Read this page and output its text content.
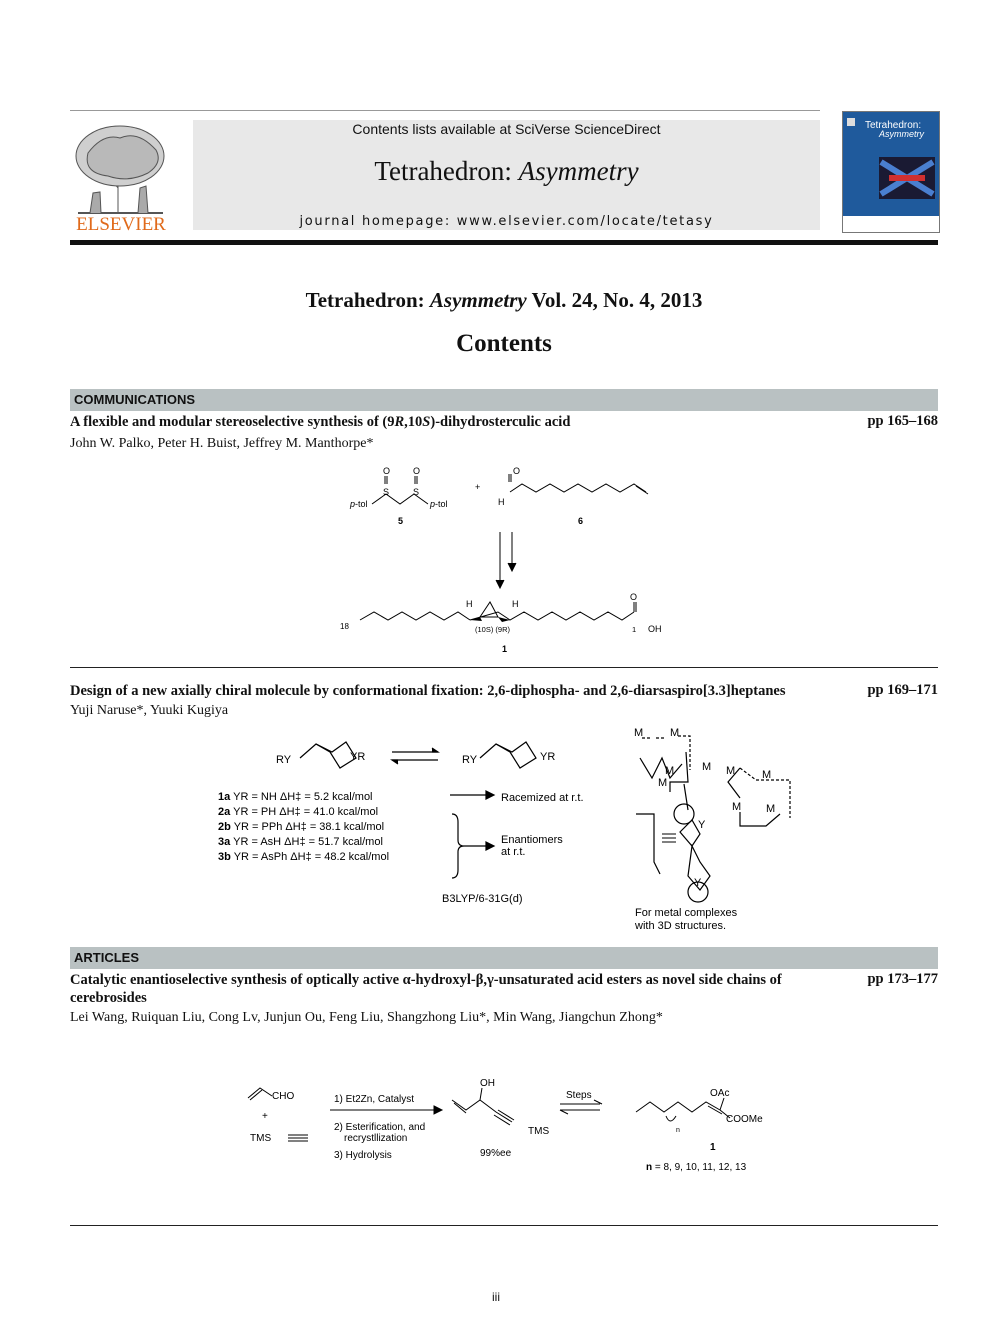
ELSEVIER
Contents lists available at SciVerse ScienceDirect
Tetrahedron: Asymmetry
journal homepage: www.elsevier.com/locate/tetasy
Tetrahedron:
Asymmetry
Tetrahedron: Asymmetry Vol. 24, No. 4, 2013
Contents
COMMUNICATIONS
A flexible and modular stereoselective synthesis of (9R,10S)-dihydrosterculic acid	pp 165–168
John W. Palko, Peter H. Buist, Jeffrey M. Manthorpe*
p-tol	p-tol
O	O
S	S
5
+
O
H
6
18
H	H
(10S) (9R)
O
1 OH
1
Design of a new axially chiral molecule by conformational fixation: 2,6-diphospha- and 2,6-diarsaspiro[3.3]heptanes	pp 169–171
Yuji Naruse*, Yuuki Kugiya
RY	YR	RY	YR
1a YR = NH ΔH‡ = 5.2 kcal/mol
2a YR = PH ΔH‡ = 41.0 kcal/mol
2b YR = PPh ΔH‡ = 38.1 kcal/mol
3a YR = AsH ΔH‡ = 51.7 kcal/mol
3b YR = AsPh ΔH‡ = 48.2 kcal/mol
Racemized at r.t.
Enantiomers
at r.t.
B3LYP/6-31G(d)
M M
M
M
M M M
M M
Y
Y
For metal complexes
with 3D structures.
ARTICLES
Catalytic enantioselective synthesis of optically active α-hydroxyl-β,γ-unsaturated acid esters as novel side chains of cerebrosides
pp 173–177
Lei Wang, Ruiquan Liu, Cong Lv, Junjun Ou, Feng Liu, Shangzhong Liu*, Min Wang, Jiangchun Zhong*
CHO
+
TMS
1) Et2Zn, Catalyst
2) Esterification, and
recrystllization
3) Hydrolysis
OH
TMS
99%ee
Steps	OAc
COOMe
n
1
n = 8, 9, 10, 11, 12, 13
iii
